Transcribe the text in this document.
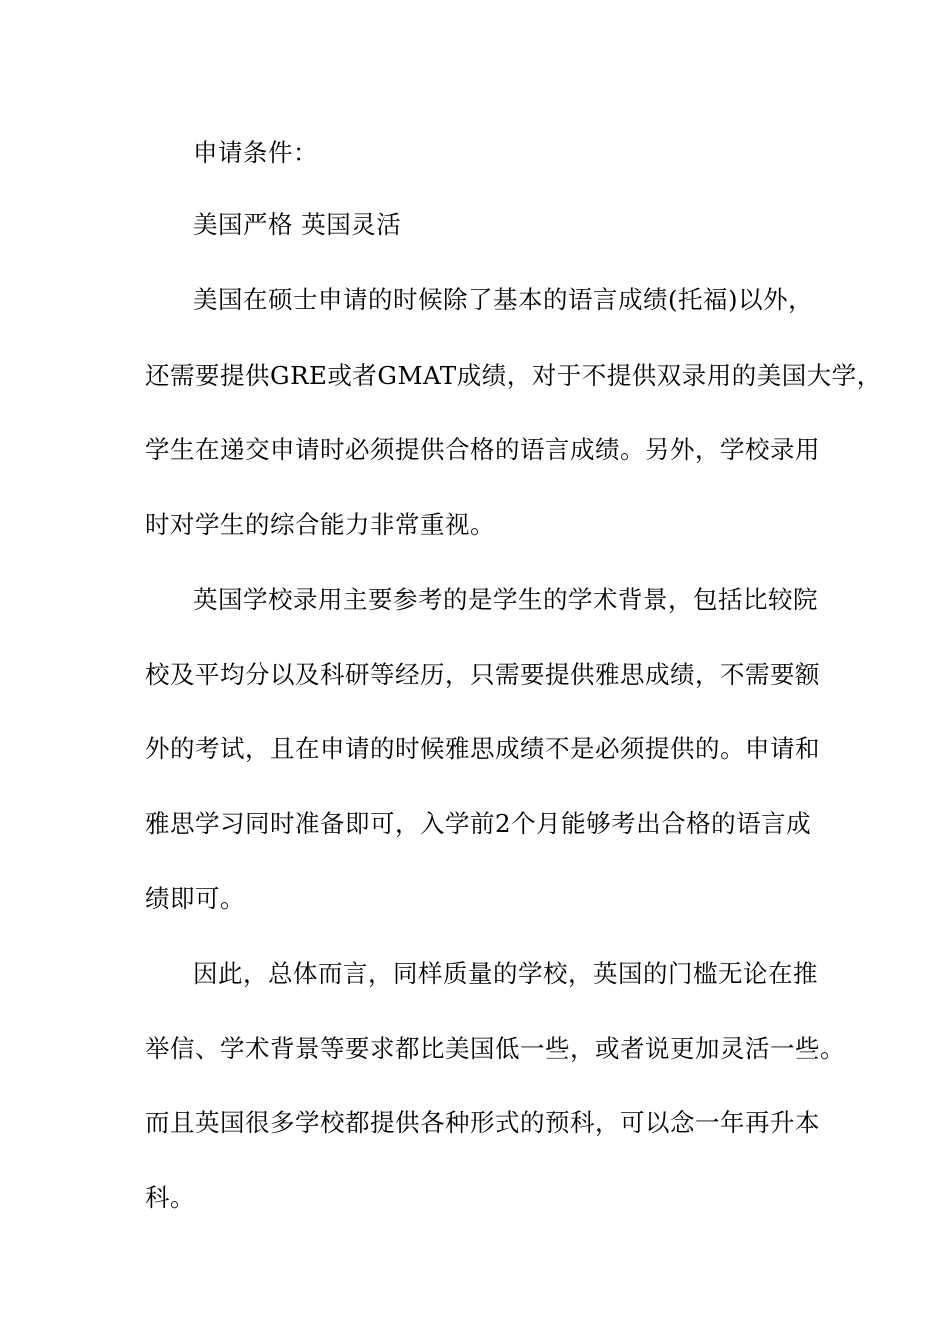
申请条件：
美国严格 英国灵活
美国在硕士申请的时候除了基本的语言成绩(托福)以外，
还需要提供GRE或者GMAT成绩，对于不提供双录用的美国大学，
学生在递交申请时必须提供合格的语言成绩。另外，学校录用
时对学生的综合能力非常重视。
英国学校录用主要参考的是学生的学术背景，包括比较院
校及平均分以及科研等经历，只需要提供雅思成绩，不需要额
外的考试，且在申请的时候雅思成绩不是必须提供的。申请和
雅思学习同时准备即可，入学前2个月能够考出合格的语言成
绩即可。
因此，总体而言，同样质量的学校，英国的门槛无论在推
举信、学术背景等要求都比美国低一些，或者说更加灵活一些。
而且英国很多学校都提供各种形式的预科，可以念一年再升本
科。
